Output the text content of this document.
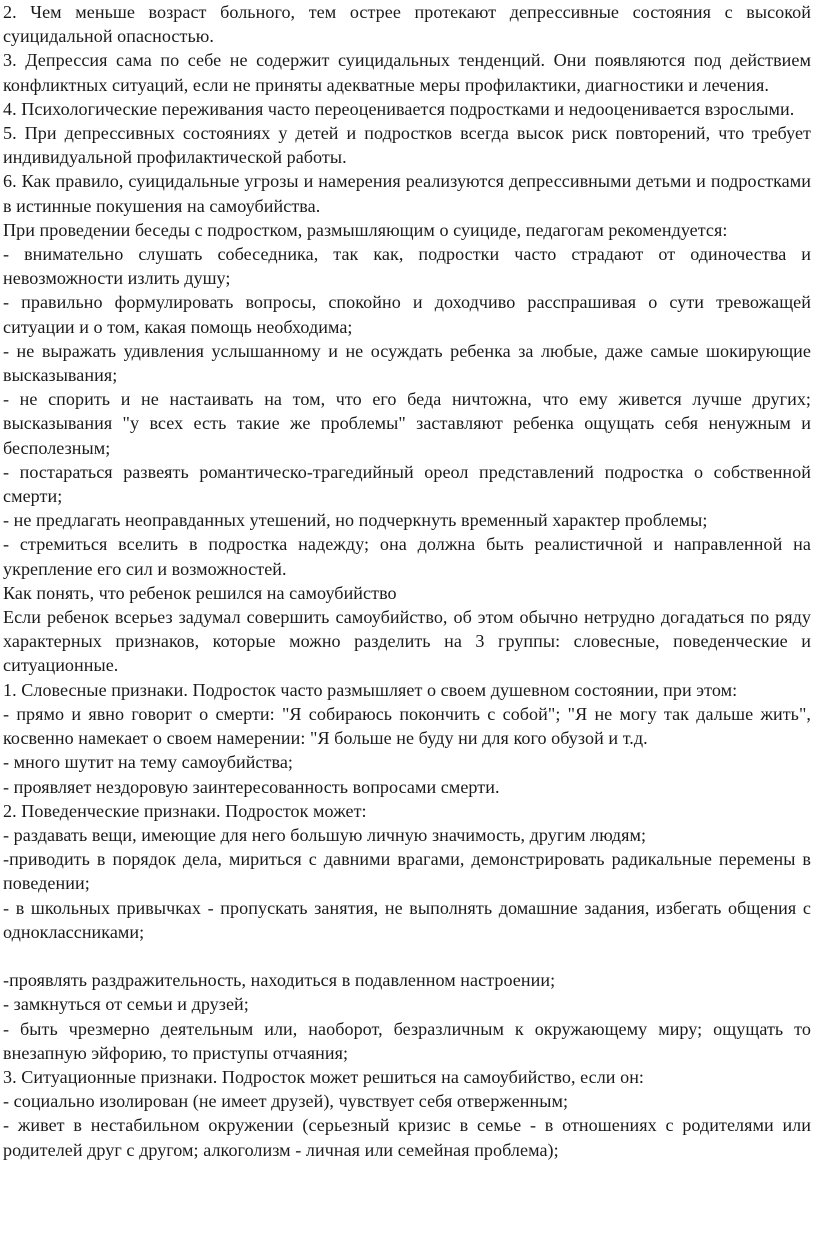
2. Чем меньше возраст больного, тем острее протекают депрессивные состояния с высокой суицидальной опасностью.

3. Депрессия сама по себе не содержит суицидальных тенденций. Они появляются под действием конфликтных ситуаций, если не приняты адекватные меры профилактики, диагностики и лечения.

4. Психологические переживания часто переоценивается подростками и недооценивается взрослыми.

5. При депрессивных состояниях у детей и подростков всегда высок риск повторений, что требует индивидуальной профилактической работы.

6. Как правило, суицидальные угрозы и намерения реализуются депрессивными детьми и подростками в истинные покушения на самоубийства.

При проведении беседы с подростком, размышляющим о суициде, педагогам рекомендуется:

- внимательно слушать собеседника, так как, подростки часто страдают от одиночества и невозможности излить душу;

- правильно формулировать вопросы, спокойно и доходчиво расспрашивая о сути тревожащей ситуации и о том, какая помощь необходима;

- не выражать удивления услышанному и не осуждать ребенка за любые, даже самые шокирующие высказывания;

- не спорить и не настаивать на том, что его беда ничтожна, что ему живется лучше других; высказывания "у всех есть такие же проблемы" заставляют ребенка ощущать себя ненужным и бесполезным;

- постараться развеять романтическо-трагедийный ореол представлений подростка о собственной смерти;

- не предлагать неоправданных утешений, но подчеркнуть временный характер проблемы;

- стремиться вселить в подростка надежду; она должна быть реалистичной и направленной на укрепление его сил и возможностей.

Как понять, что ребенок решился на самоубийство

Если ребенок всерьез задумал совершить самоубийство, об этом обычно нетрудно догадаться по ряду характерных признаков, которые можно разделить на 3 группы: словесные, поведенческие и ситуационные.

1. Словесные признаки. Подросток часто размышляет о своем душевном состоянии, при этом:

- прямо и явно говорит о смерти: "Я собираюсь покончить с собой"; "Я не могу так дальше жить", косвенно намекает о своем намерении: "Я больше не буду ни для кого обузой и т.д.

- много шутит на тему самоубийства;

- проявляет нездоровую заинтересованность вопросами смерти.

2. Поведенческие признаки. Подросток может:

- раздавать вещи, имеющие для него большую личную значимость, другим людям;

-приводить в порядок дела, мириться с давними врагами, демонстрировать радикальные перемены в поведении;

- в школьных привычках - пропускать занятия, не выполнять домашние задания, избегать общения с одноклассниками;

-проявлять раздражительность, находиться в подавленном настроении;

- замкнуться от семьи и друзей;

- быть чрезмерно деятельным или, наоборот, безразличным к окружающему миру; ощущать то внезапную эйфорию, то приступы отчаяния;

3. Ситуационные признаки. Подросток может решиться на самоубийство, если он:

- социально изолирован (не имеет друзей), чувствует себя отверженным;

- живет в нестабильном окружении (серьезный кризис в семье - в отношениях с родителями или родителей друг с другом; алкоголизм - личная или семейная проблема);
